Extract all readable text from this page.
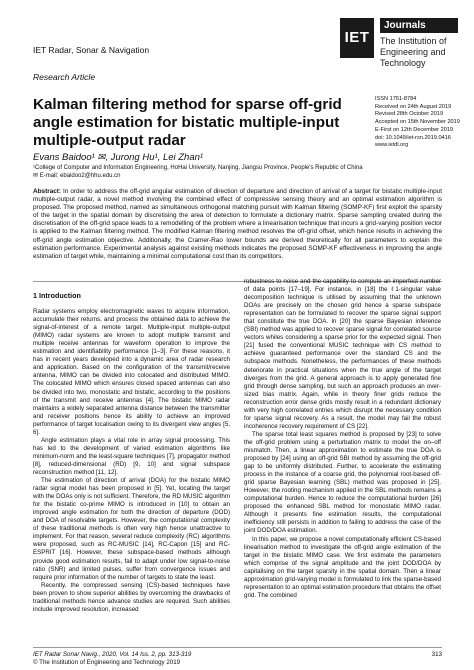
IET Radar, Sonar & Navigation
IET
Journals
The Institution of
Engineering and Technology
Research Article
Kalman filtering method for sparse off-grid angle estimation for bistatic multiple-input multiple-output radar
ISSN 1751-8784
Received on 24th August 2019
Revised 28th October 2019
Accepted on 15th November 2019
E-First on 12th December 2019
doi: 10.1049/iet-rsn.2019.0416
www.ietdl.org
Evans Baidoo¹ ✉, Jurong Hu¹, Lei Zhan¹
¹College of Computer and Information Engineering, HoHai University, Nanjing, Jiangsu Province, People's Republic of China
✉ E-mail: ebaidoo2@hhu.edu.cn
Abstract: In order to address the off-grid angular estimation of direction of departure and direction of arrival of a target for bistatic multiple-input multiple-output radar, a novel method involving the combined effect of compressive sensing theory and an optimal estimation algorithm is proposed. The proposed method, named as simultaneous orthogonal matching pursuit with Kalman filtering (SOMP-KF) first exploit the sparsity of the target in the spatial domain by discretising the area of detection to formulate a dictionary matrix. Sparse sampling created during the discretisation of the off-grid space leads to a remodelling of the problem where a linearisation technique that incurs a grid-varying position vector is applied to the Kalman filtering method. The modified Kalman filtering method resolves the off-grid offset, which hence results in achieving the off-grid angle estimation objective. Additionally, the Cramer-Rao lower bounds are derived theoretically for all parameters to explain the estimation performance. Experimental analysis against existing methods indicates the proposed SOMP-KF effectiveness in improving the angle estimation of target while, maintaining a minimal computational cost than its competitors.
1 Introduction

Radar systems employ electromagnetic waves to acquire information, accumulate their returns, and process the obtained data to achieve the signal-of-interest of a remote target. Multiple-input multiple-output (MIMO) radar systems are known to adopt multiple transmit and multiple receive antennas for waveform operation to improve the estimation and identifiability performance [1–3]. For these reasons, it has in recent years developed into a dynamic area of radar research and application. Based on the configuration of the transmit/receive antenna, MIMO can be divided into colocated and distributed MIMO. The colocated MIMO which ensures closed spaced antennas can also be divided into two, monostatic and bistatic, according to the positions of the transmit and receive antennas [4]. The bistatic MIMO radar maintains a widely separated antenna distance between the transmitter and receiver positions hence its ability to achieve an improved performance of target localisation owing to its divergent view angles [5, 6].

Angle estimation plays a vital role in array signal processing. This has led to the development of varied estimation algorithms like minimum-norm and the least-square techniques [7], propagator method [8], reduced-dimensional (RD) [9, 10] and signal subspace reconstruction method [11, 12].

The estimation of direction of arrival (DOA) for the bistatic MIMO radar signal model has been proposed in [5]. Yet, locating the target with the DOAs only is not sufficient. Therefore, the RD MUSIC algorithm for the bistatic co-prime MIMO is introduced in [10] to obtain an improved angle estimation for both the direction of departure (DOD) and DOA of resolvable targets. However, the computational complexity of these traditional methods is often very high hence unattractive to implement. For that reason, several reduce complexity (RC) algorithms were proposed, such as RC-MUSIC [14], RC-Capon [15] and RC-ESPRIT [16]. However, these subspace-based methods although provide good estimation results, fail to adapt under low signal-to-noise ratio (SNR) and limited pulses, suffer from convergence issues and require prior information of the number of targets to state the least.

Recently, the compressed sensing (CS)-based techniques have been proven to show superior abilities by overcoming the drawbacks of traditional methods hence advance studies are required. Such abilities include improved resolution, increased

robustness to noise and the capability to compute an imperfect number of data points [17–19]. For instance, in [18] the ℓ1-singular value decomposition technique is utilised by assuming that the unknown DOAs are precisely on the chosen grid hence a sparse subspace representation can be formulated to recover the sparse signal support that constitute the true DOA. In [20] the sparse Bayesian inference (SBI) method was applied to recover sparse signal for correlated source vectors whiles considering a sparse prior for the expected signal. Then [21] fused the conventional MUSIC technique with CS method to achieve guaranteed performance over the standard CS and the subspace methods. Nonetheless, the performances of these methods deteriorate in practical situations when the true angle of the target diverges from the grid. A general approach is to apply generated fine grid through dense sampling, but such an approach produces an over-sized bias matrix. Again, while in theory finer grids reduce the reconstruction error dense grids mostly result in a redundant dictionary with very high correlated entries which disrupt the necessary condition for sparse signal recovery. As a result, the model may fail the robust incoherence recovery requirement of CS [22].

The sparse total least squares method is proposed by [23] to solve the off-grid problem using a perturbation matrix to model the on–off mismatch. Then, a linear approximation to estimate the true DOA is proposed by [24] using an off-grid SBI method by assuming the off-grid gap to be uniformly distributed. Further, to accelerate the estimating process in the instance of a coarse grid, the polynomial root-based off-grid sparse Bayesian learning (SBL) method was proposed in [25]. However, the rooting mechanism applied in the SBL methods remains a computational burden. Hence to reduce the computational burden [26] proposed the enhanced SBL method for monostatic MIMO radar. Although it presents fine estimation results, the computational inefficiency still persists in addition to failing to address the case of the joint DOD/DOA estimation.

In this paper, we propose a novel computationally efficient CS-based linearisation method to investigate the off-grid angle estimation of the target in the bistatic MIMO case. We first estimate the parameters which comprise of the signal amplitude and the joint DOD/DOA by capitalising on the target sparsity in the spatial domain. Then a linear approximation grid-varying model is formulated to link the sparse-based representation to an optimal estimation procedure that obtains the offset grid. The combined

IET Radar Sonar Navig., 2020, Vol. 14 Iss. 2, pp. 313-319
© The Institution of Engineering and Technology 2019
313
